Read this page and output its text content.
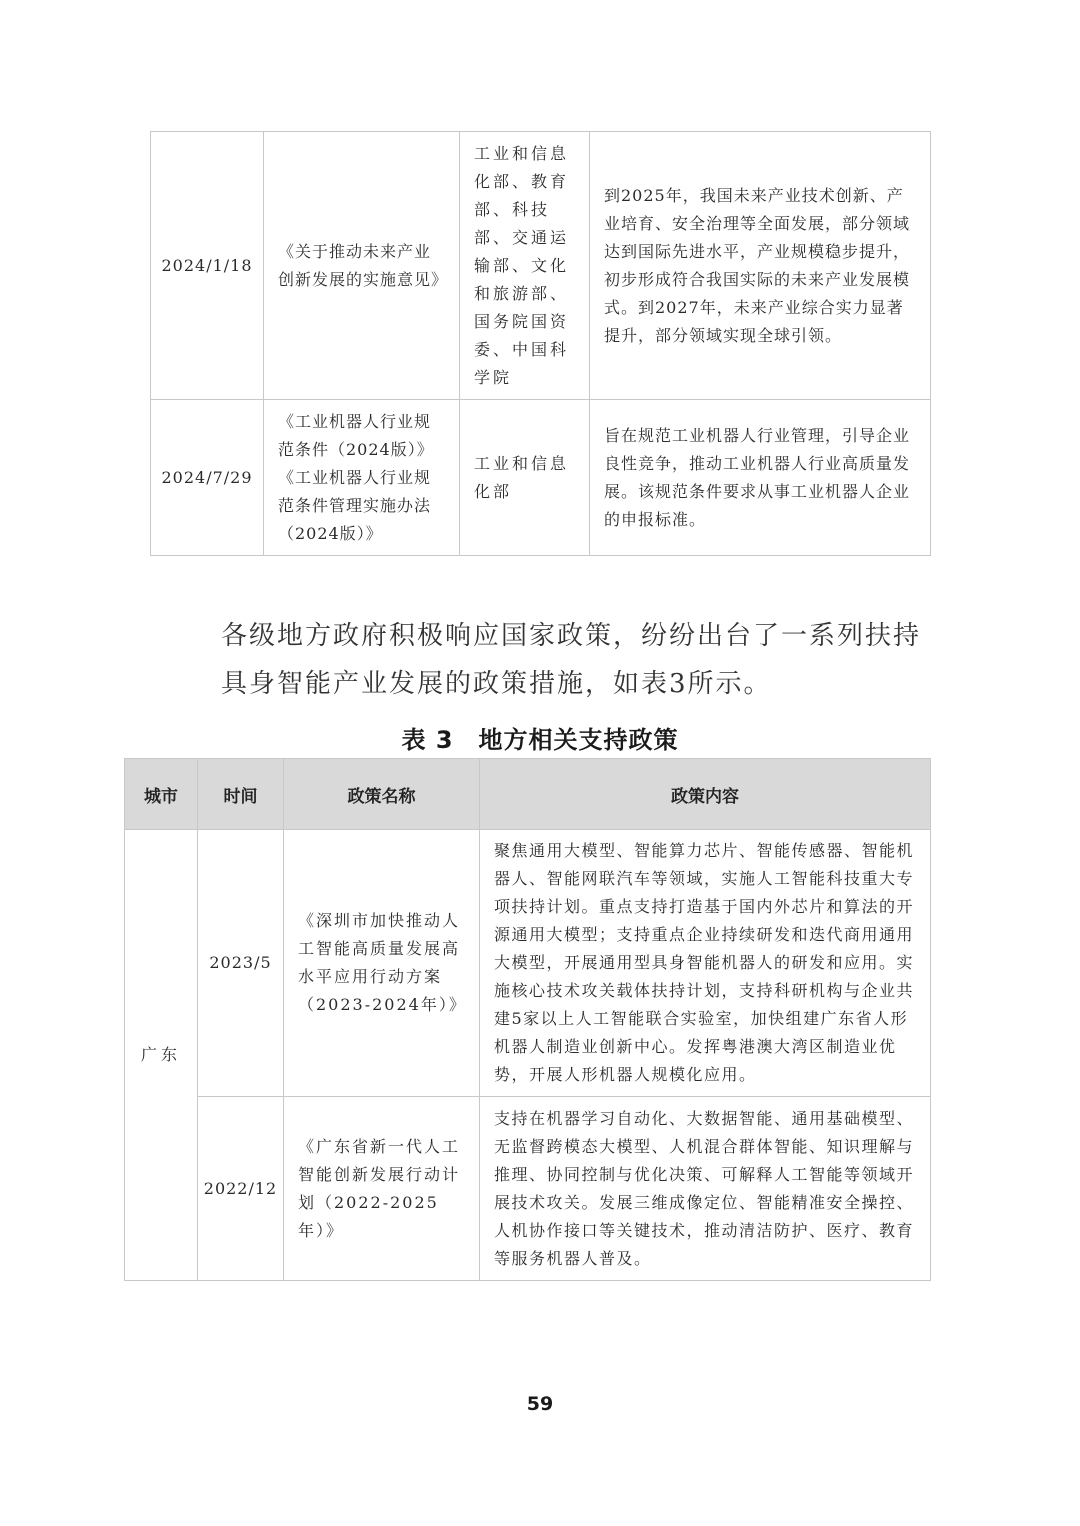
2024/1/18	《关于推动未来产业创新发展的实施意见》	工业和信息化部、教育部、科技部、交通运输部、文化和旅游部、国务院国资委、中国科学院	到2025年，我国未来产业技术创新、产业培育、安全治理等全面发展，部分领域达到国际先进水平，产业规模稳步提升，初步形成符合我国实际的未来产业发展模式。到2027年，未来产业综合实力显著提升，部分领域实现全球引领。
2024/7/29	《工业机器人行业规范条件（2024版）》《工业机器人行业规范条件管理实施办法（2024版）》	工业和信息化部	旨在规范工业机器人行业管理，引导企业良性竞争，推动工业机器人行业高质量发展。该规范条件要求从事工业机器人企业的申报标准。
各级地方政府积极响应国家政策，纷纷出台了一系列扶持具身智能产业发展的政策措施，如表3所示。
表 3　地方相关支持政策
城市	时间	政策名称	政策内容
广东	2023/5	《深圳市加快推动人工智能高质量发展高水平应用行动方案（2023-2024年）》	聚焦通用大模型、智能算力芯片、智能传感器、智能机器人、智能网联汽车等领域，实施人工智能科技重大专项扶持计划。重点支持打造基于国内外芯片和算法的开源通用大模型；支持重点企业持续研发和迭代商用通用大模型，开展通用型具身智能机器人的研发和应用。实施核心技术攻关载体扶持计划，支持科研机构与企业共建5家以上人工智能联合实验室，加快组建广东省人形机器人制造业创新中心。发挥粤港澳大湾区制造业优势，开展人形机器人规模化应用。
	2022/12	《广东省新一代人工智能创新发展行动计划（2022-2025年）》	支持在机器学习自动化、大数据智能、通用基础模型、无监督跨模态大模型、人机混合群体智能、知识理解与推理、协同控制与优化决策、可解释人工智能等领域开展技术攻关。发展三维成像定位、智能精准安全操控、人机协作接口等关键技术，推动清洁防护、医疗、教育等服务机器人普及。
59
